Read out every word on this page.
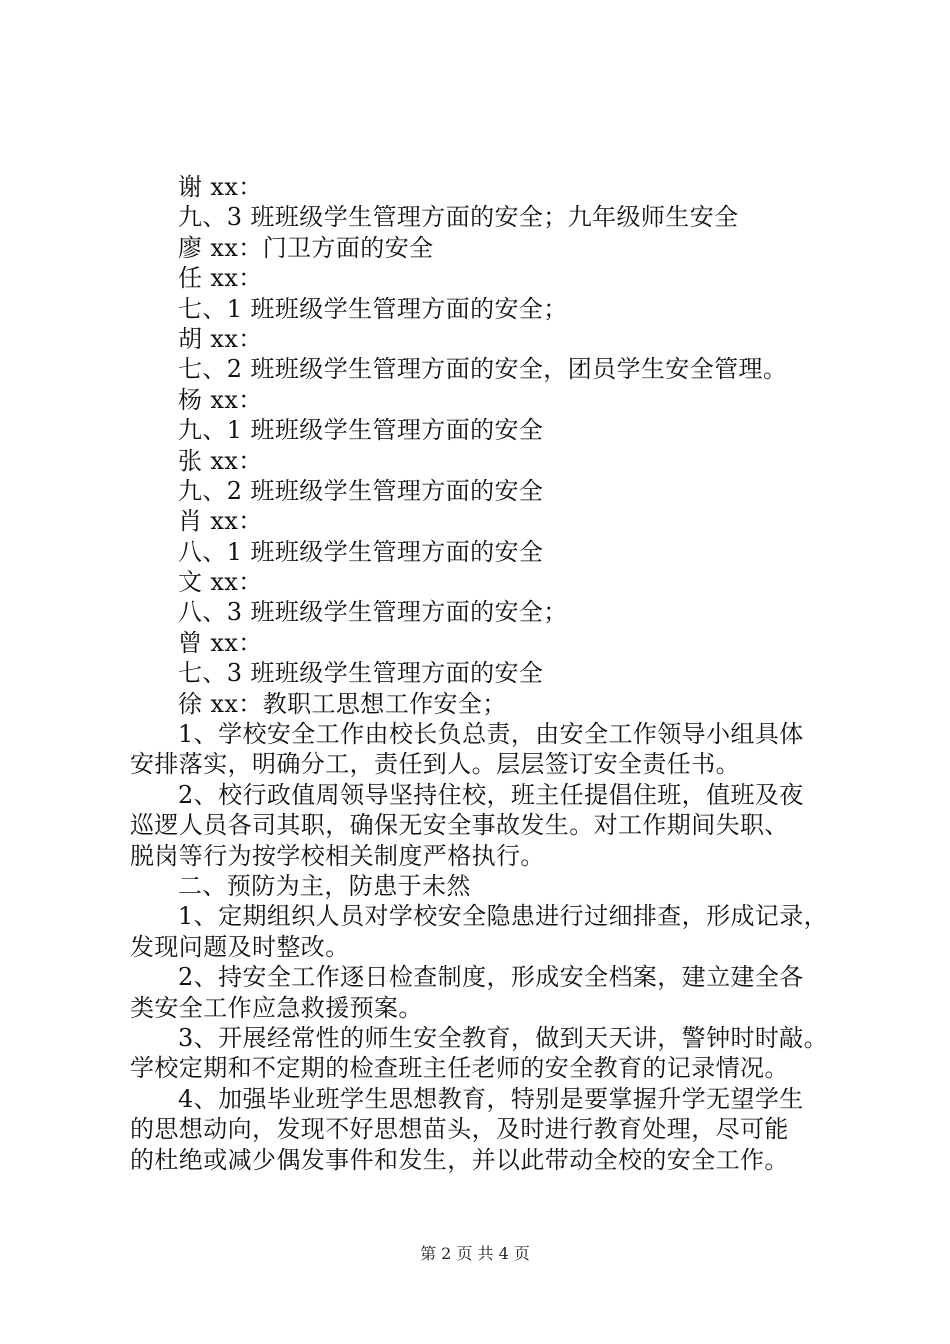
谢 xx：
九、3 班班级学生管理方面的安全；九年级师生安全
廖 xx：门卫方面的安全
任 xx：
七、1 班班级学生管理方面的安全；
胡 xx：
七、2 班班级学生管理方面的安全，团员学生安全管理。
杨 xx：
九、1 班班级学生管理方面的安全
张 xx：
九、2 班班级学生管理方面的安全
肖 xx：
八、1 班班级学生管理方面的安全
文 xx：
八、3 班班级学生管理方面的安全；
曾 xx：
七、3 班班级学生管理方面的安全
徐 xx：教职工思想工作安全；
1、学校安全工作由校长负总责，由安全工作领导小组具体
安排落实，明确分工，责任到人。层层签订安全责任书。
2、校行政值周领导坚持住校，班主任提倡住班，值班及夜
巡逻人员各司其职，确保无安全事故发生。对工作期间失职、
脱岗等行为按学校相关制度严格执行。
二、预防为主，防患于未然
1、定期组织人员对学校安全隐患进行过细排查，形成记录，
发现问题及时整改。
2、持安全工作逐日检查制度，形成安全档案，建立建全各
类安全工作应急救援预案。
3、开展经常性的师生安全教育，做到天天讲，警钟时时敲。
学校定期和不定期的检查班主任老师的安全教育的记录情况。
4、加强毕业班学生思想教育，特别是要掌握升学无望学生
的思想动向，发现不好思想苗头，及时进行教育处理，尽可能
的杜绝或减少偶发事件和发生，并以此带动全校的安全工作。
第 2 页 共 4 页
